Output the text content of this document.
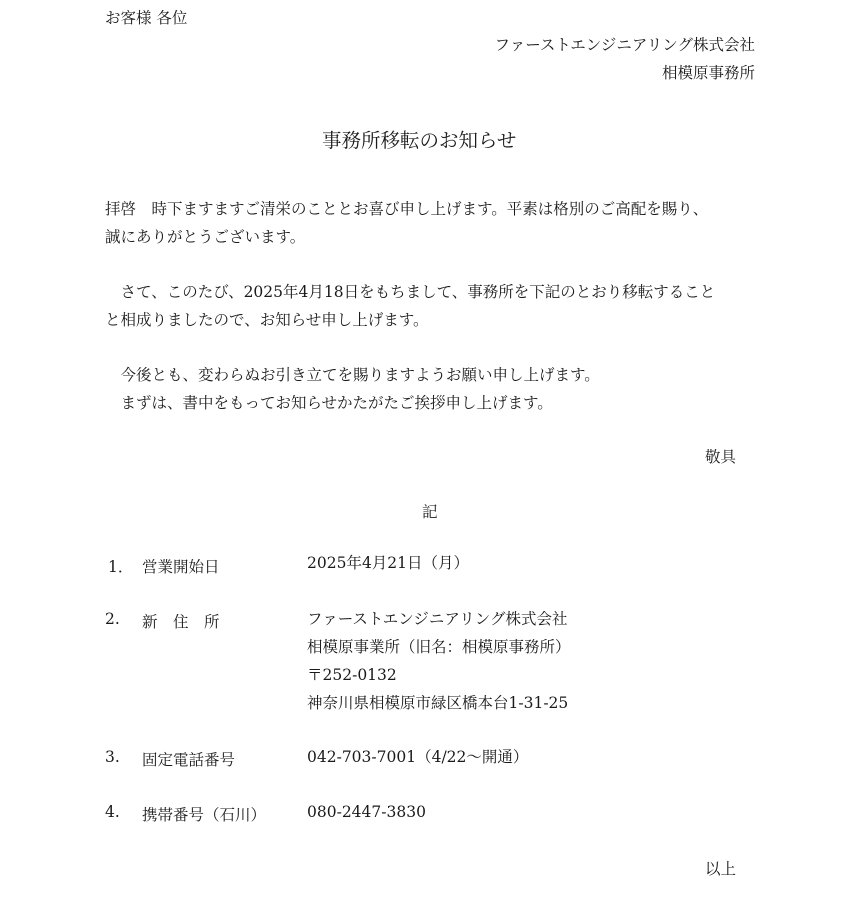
お客様 各位
ファーストエンジニアリング株式会社
相模原事務所
事務所移転のお知らせ

拝啓　時下ますますご清栄のこととお喜び申し上げます。平素は格別のご高配を賜り、

誠にありがとうございます。

　さて、このたび、2025年4月18日をもちまして、事務所を下記のとおり移転すること

と相成りましたので、お知らせ申し上げます。

　今後とも、変わらぬお引き立てを賜りますようお願い申し上げます。

　まずは、書中をもってお知らせかたがたご挨拶申し上げます。

敬具
記
1． 営業開始日	2025年4月21日（月）
2. 新　住　所	ファーストエンジニアリング株式会社
相模原事業所（旧名：相模原事務所）
〒252-0132
神奈川県相模原市緑区橋本台1-31-25
3. 固定電話番号	042-703-7001（4/22～開通）
4. 携帯番号（石川）	080-2447-3830
以上
